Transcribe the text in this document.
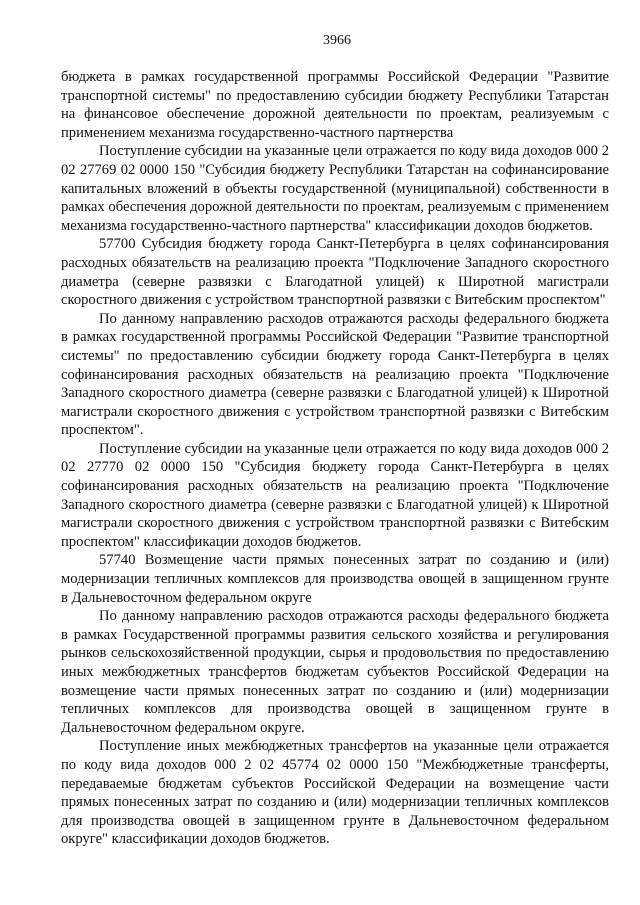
3966

бюджета в рамках государственной программы Российской Федерации "Развитие транспортной системы" по предоставлению субсидии бюджету Республики Татарстан на финансовое обеспечение дорожной деятельности по проектам, реализуемым с применением механизма государственно-частного партнерства

Поступление субсидии на указанные цели отражается по коду вида доходов 000 2 02 27769 02 0000 150 "Субсидия бюджету Республики Татарстан на софинансирование капитальных вложений в объекты государственной (муниципальной) собственности в рамках обеспечения дорожной деятельности по проектам, реализуемым с применением механизма государственно-частного партнерства" классификации доходов бюджетов.

57700 Субсидия бюджету города Санкт-Петербурга в целях софинансирования расходных обязательств на реализацию проекта "Подключение Западного скоростного диаметра (северне развязки с Благодатной улицей) к Широтной магистрали скоростного движения с устройством транспортной развязки с Витебским проспектом"

По данному направлению расходов отражаются расходы федерального бюджета в рамках государственной программы Российской Федерации "Развитие транспортной системы" по предоставлению субсидии бюджету города Санкт-Петербурга в целях софинансирования расходных обязательств на реализацию проекта "Подключение Западного скоростного диаметра (северне развязки с Благодатной улицей) к Широтной магистрали скоростного движения с устройством транспортной развязки с Витебским проспектом".

Поступление субсидии на указанные цели отражается по коду вида доходов 000 2 02 27770 02 0000 150 "Субсидия бюджету города Санкт-Петербурга в целях софинансирования расходных обязательств на реализацию проекта "Подключение Западного скоростного диаметра (северне развязки с Благодатной улицей) к Широтной магистрали скоростного движения с устройством транспортной развязки с Витебским проспектом" классификации доходов бюджетов.

57740 Возмещение части прямых понесенных затрат по созданию и (или) модернизации тепличных комплексов для производства овощей в защищенном грунте в Дальневосточном федеральном округе

По данному направлению расходов отражаются расходы федерального бюджета в рамках Государственной программы развития сельского хозяйства и регулирования рынков сельскохозяйственной продукции, сырья и продовольствия по предоставлению иных межбюджетных трансфертов бюджетам субъектов Российской Федерации на возмещение части прямых понесенных затрат по созданию и (или) модернизации тепличных комплексов для производства овощей в защищенном грунте в Дальневосточном федеральном округе.

Поступление иных межбюджетных трансфертов на указанные цели отражается по коду вида доходов 000 2 02 45774 02 0000 150 "Межбюджетные трансферты, передаваемые бюджетам субъектов Российской Федерации на возмещение части прямых понесенных затрат по созданию и (или) модернизации тепличных комплексов для производства овощей в защищенном грунте в Дальневосточном федеральном округе" классификации доходов бюджетов.
